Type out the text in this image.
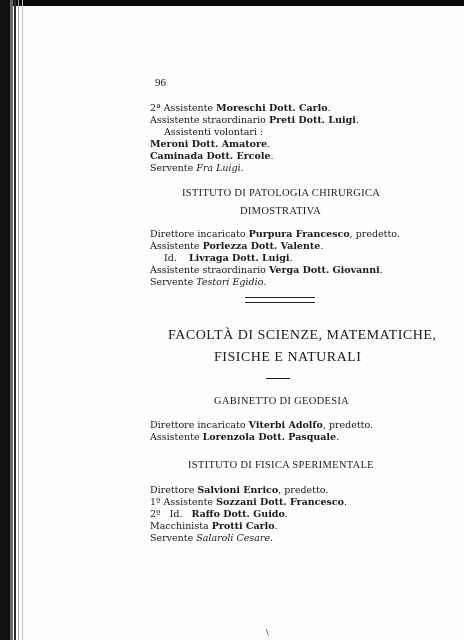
96
2ª Assistente Moreschi Dott. Carlo.
Assistente straordinario Preti Dott. Luigi.
Assistenti volontari :
Meroni Dott. Amatore.
Caminada Dott. Ercole.
Servente Fra Luigi.
ISTITUTO DI PATOLOGIA CHIRURGICA
DIMOSTRATIVA
Direttore incaricato Purpura Francesco, predetto.
Assistente Porlezza Dott. Valente.
Id. Livraga Dott. Luigi.
Assistente straordinario Verga Dott. Giovanni.
Servente Testori Egidio.
FACOLTÀ DI SCIENZE, MATEMATICHE,
FISICHE E NATURALI
GABINETTO DI GEODESIA
Direttore incaricato Viterbi Adolfo, predetto.
Assistente Lorenzola Dott. Pasquale.
ISTITUTO DI FISICA SPERIMENTALE
Direttore Salvioni Enrico, predetto.
1º Assistente Sozzani Dott. Francesco.
2º   Id. Raffo Dott. Guido.
Macchinista Protti Carlo.
Servente Salaroli Cesare.
\
